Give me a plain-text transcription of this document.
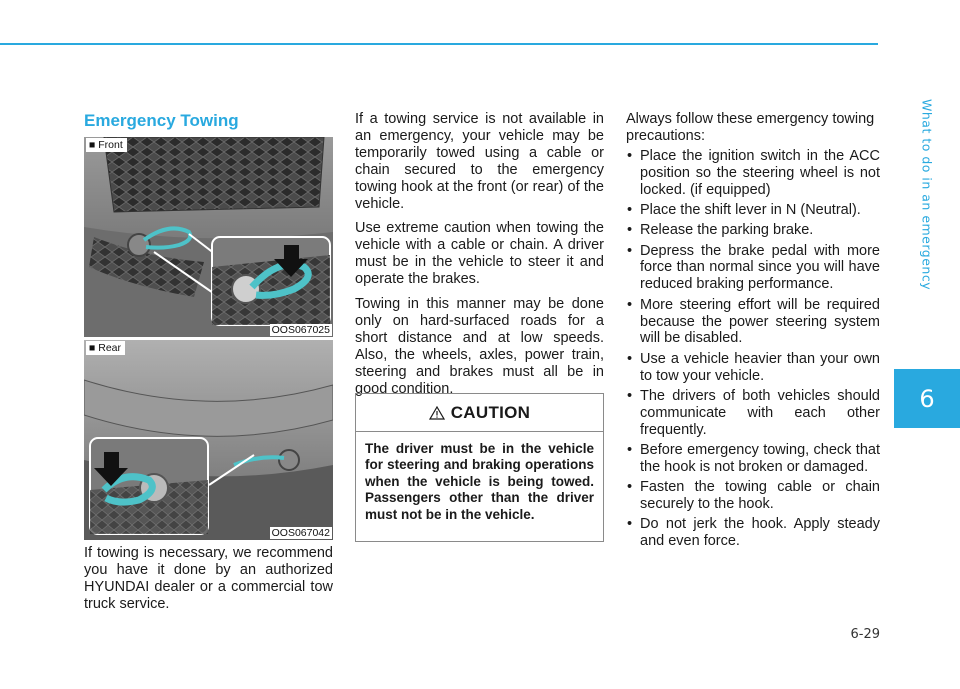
What to do in an emergency
6
Emergency Towing
■ Front
OOS067025
■ Rear
OOS067042

If towing is necessary, we recommend you have it done by an authorized HYUNDAI dealer or a commercial tow truck service.

If a towing service is not available in an emergency, your vehicle may be temporarily towed using a cable or chain secured to the emergency towing hook at the front (or rear) of the vehicle.

Use extreme caution when towing the vehicle with a cable or chain. A driver must be in the vehicle to steer it and operate the brakes.

Towing in this manner may be done only on hard-surfaced roads for a short distance and at low speeds. Also, the wheels, axles, power train, steering and brakes must all be in good condition.

CAUTION
The driver must be in the vehicle for steering and braking operations when the vehicle is being towed. Passengers other than the driver must not be in the vehicle.

Always follow these emergency towing precautions:

• Place the ignition switch in the ACC position so the steering wheel is not locked. (if equipped)
• Place the shift lever in N (Neutral).
• Release the parking brake.
• Depress the brake pedal with more force than normal since you will have reduced braking performance.
• More steering effort will be required because the power steering system will be disabled.
• Use a vehicle heavier than your own to tow your vehicle.
• The drivers of both vehicles should communicate with each other frequently.
• Before emergency towing, check that the hook is not broken or damaged.
• Fasten the towing cable or chain securely to the hook.
• Do not jerk the hook. Apply steady and even force.
6-29
